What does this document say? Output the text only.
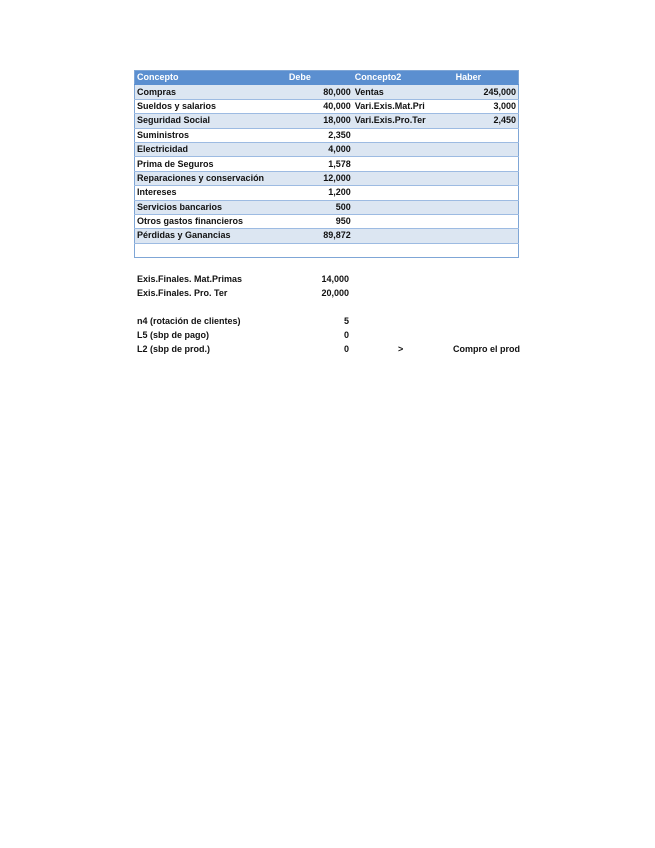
Concepto	Debe	Concepto2	Haber
Compras	80,000	Ventas	245,000
Sueldos y salarios	40,000	Vari.Exis.Mat.Pri	3,000
Seguridad Social	18,000	Vari.Exis.Pro.Ter	2,450
Suministros	2,350		
Electricidad	4,000		
Prima de Seguros	1,578		
Reparaciones y conservación	12,000		
Intereses	1,200		
Servicios bancarios	500		
Otros gastos financieros	950		
Pérdidas y Ganancias	89,872		

Exis.Finales. Mat.Primas	14,000
Exis.Finales. Pro. Ter	20,000
n4 (rotación de clientes)	5
L5 (sbp de pago)	0
L2 (sbp de prod.)	0	>	Compro el prod
